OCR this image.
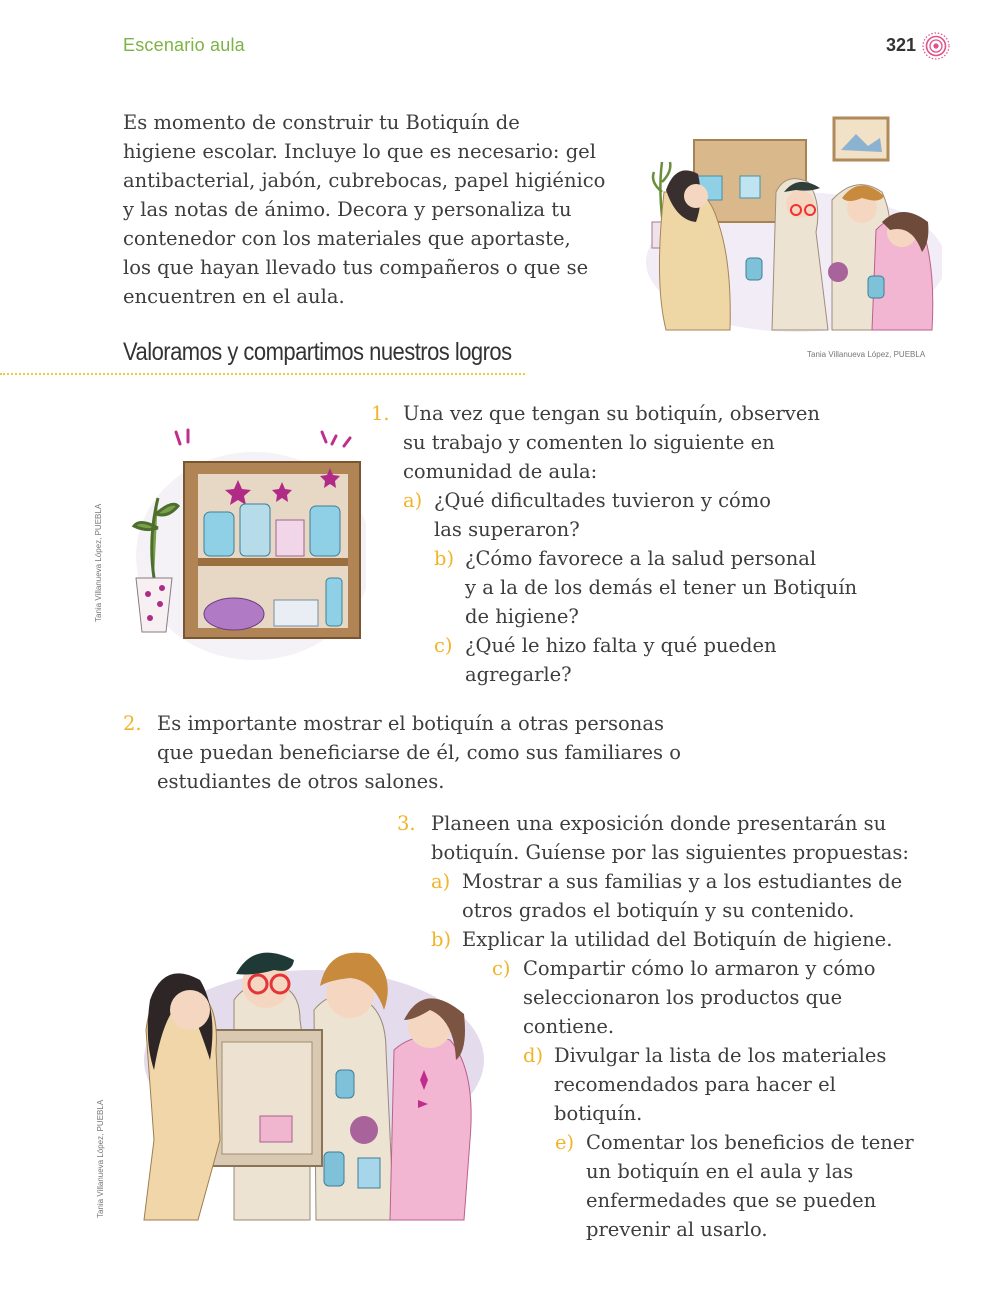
Escenario aula	321
Es momento de construir tu Botiquín de
higiene escolar. Incluye lo que es necesario: gel
antibacterial, jabón, cubrebocas, papel higiénico
y las notas de ánimo. Decora y personaliza tu
contenedor con los materiales que aportaste,
los que hayan llevado tus compañeros o que se
encuentren en el aula.
Tania Villanueva López, PUEBLA
Valoramos y compartimos nuestros logros
Tania Villanueva López, PUEBLA
1. Una vez que tengan su botiquín, observen
su trabajo y comenten lo siguiente en
comunidad de aula:
a) ¿Qué dificultades tuvieron y cómo
las superaron?
b) ¿Cómo favorece a la salud personal
y a la de los demás el tener un Botiquín
de higiene?
c) ¿Qué le hizo falta y qué pueden
agregarle?
2. Es importante mostrar el botiquín a otras personas
que puedan beneficiarse de él, como sus familiares o
estudiantes de otros salones.
3. Planeen una exposición donde presentarán su
botiquín. Guíense por las siguientes propuestas:
a) Mostrar a sus familias y a los estudiantes de
otros grados el botiquín y su contenido.
b) Explicar la utilidad del Botiquín de higiene.
c) Compartir cómo lo armaron y cómo
seleccionaron los productos que
contiene.
d) Divulgar la lista de los materiales
recomendados para hacer el
botiquín.
e) Comentar los beneficios de tener
un botiquín en el aula y las
enfermedades que se pueden
prevenir al usarlo.
Tania Villanueva López, PUEBLA
